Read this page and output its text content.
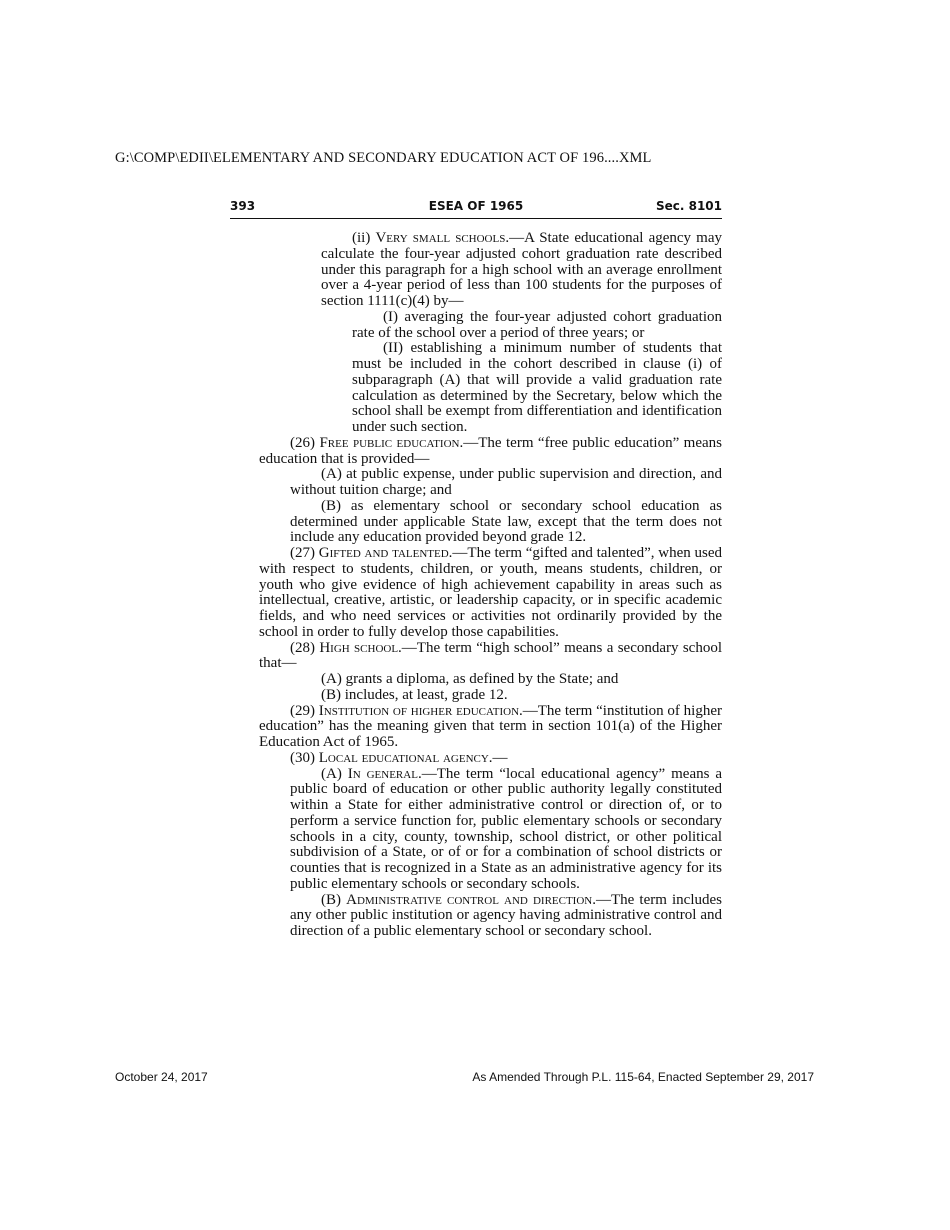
G:\COMP\EDII\ELEMENTARY AND SECONDARY EDUCATION ACT OF 196....XML
393	ESEA OF 1965	Sec. 8101

(ii) Very small schools.—A State educational agency may calculate the four-year adjusted cohort graduation rate described under this paragraph for a high school with an average enrollment over a 4-year period of less than 100 students for the purposes of section 1111(c)(4) by—

(I) averaging the four-year adjusted cohort graduation rate of the school over a period of three years; or

(II) establishing a minimum number of students that must be included in the cohort described in clause (i) of subparagraph (A) that will provide a valid graduation rate calculation as determined by the Secretary, below which the school shall be exempt from differentiation and identification under such section.

(26) Free public education.—The term “free public education” means education that is provided—

(A) at public expense, under public supervision and direction, and without tuition charge; and

(B) as elementary school or secondary school education as determined under applicable State law, except that the term does not include any education provided beyond grade 12.

(27) Gifted and talented.—The term “gifted and talented”, when used with respect to students, children, or youth, means students, children, or youth who give evidence of high achievement capability in areas such as intellectual, creative, artistic, or leadership capacity, or in specific academic fields, and who need services or activities not ordinarily provided by the school in order to fully develop those capabilities.

(28) High school.—The term “high school” means a secondary school that—

(A) grants a diploma, as defined by the State; and

(B) includes, at least, grade 12.

(29) Institution of higher education.—The term “institution of higher education” has the meaning given that term in section 101(a) of the Higher Education Act of 1965.

(30) Local educational agency.—

(A) In general.—The term “local educational agency” means a public board of education or other public authority legally constituted within a State for either administrative control or direction of, or to perform a service function for, public elementary schools or secondary schools in a city, county, township, school district, or other political subdivision of a State, or of or for a combination of school districts or counties that is recognized in a State as an administrative agency for its public elementary schools or secondary schools.

(B) Administrative control and direction.—The term includes any other public institution or agency having administrative control and direction of a public elementary school or secondary school.

October 24, 2017	As Amended Through P.L. 115-64, Enacted September 29, 2017
